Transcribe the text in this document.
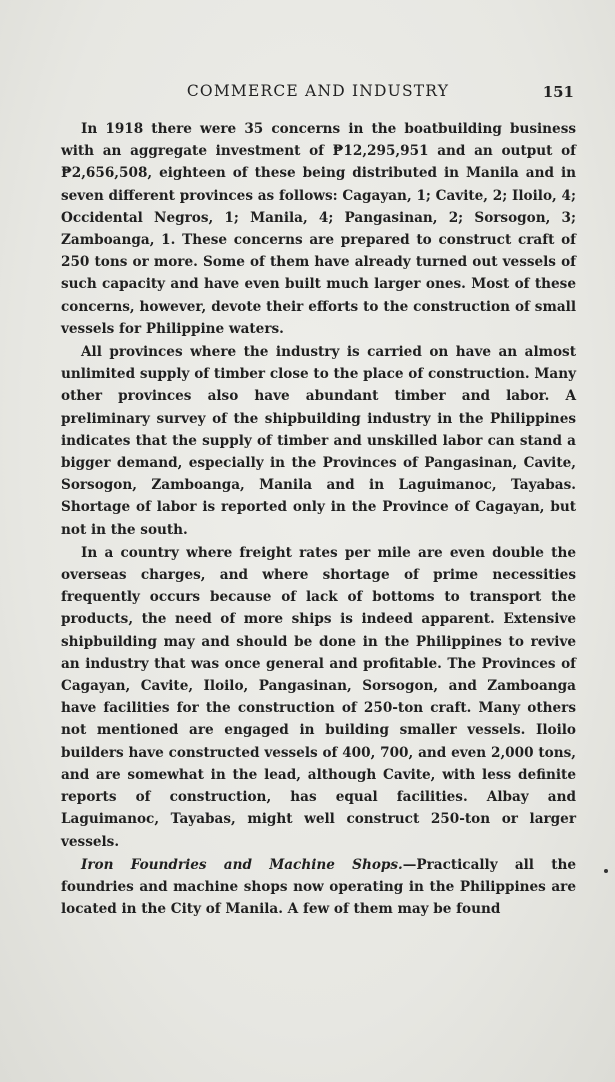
COMMERCE AND INDUSTRY	151

In 1918 there were 35 concerns in the boatbuilding business with an aggregate investment of ₱12,295,951 and an output of ₱2,656,508, eighteen of these being distributed in Manila and in seven different provinces as follows: Cagayan, 1; Cavite, 2; Iloilo, 4; Occidental Negros, 1; Manila, 4; Pangasinan, 2; Sorsogon, 3; Zamboanga, 1. These concerns are prepared to construct craft of 250 tons or more. Some of them have already turned out vessels of such capacity and have even built much larger ones. Most of these concerns, however, devote their efforts to the construction of small vessels for Philippine waters.

All provinces where the industry is carried on have an almost unlimited supply of timber close to the place of construction. Many other provinces also have abundant timber and labor. A preliminary survey of the shipbuilding industry in the Philippines indicates that the supply of timber and unskilled labor can stand a bigger demand, especially in the Provinces of Pangasinan, Cavite, Sorsogon, Zamboanga, Manila and in Laguimanoc, Tayabas. Shortage of labor is reported only in the Province of Cagayan, but not in the south.

In a country where freight rates per mile are even double the overseas charges, and where shortage of prime necessities frequently occurs because of lack of bottoms to transport the products, the need of more ships is indeed apparent. Extensive shipbuilding may and should be done in the Philippines to revive an industry that was once general and profitable. The Provinces of Cagayan, Cavite, Iloilo, Pangasinan, Sorsogon, and Zamboanga have facilities for the construction of 250-ton craft. Many others not mentioned are engaged in building smaller vessels. Iloilo builders have constructed vessels of 400, 700, and even 2,000 tons, and are somewhat in the lead, although Cavite, with less definite reports of construction, has equal facilities. Albay and Laguimanoc, Tayabas, might well construct 250-ton or larger vessels.

Iron Foundries and Machine Shops.—Practically all the foundries and machine shops now operating in the Philippines are located in the City of Manila. A few of them may be found
